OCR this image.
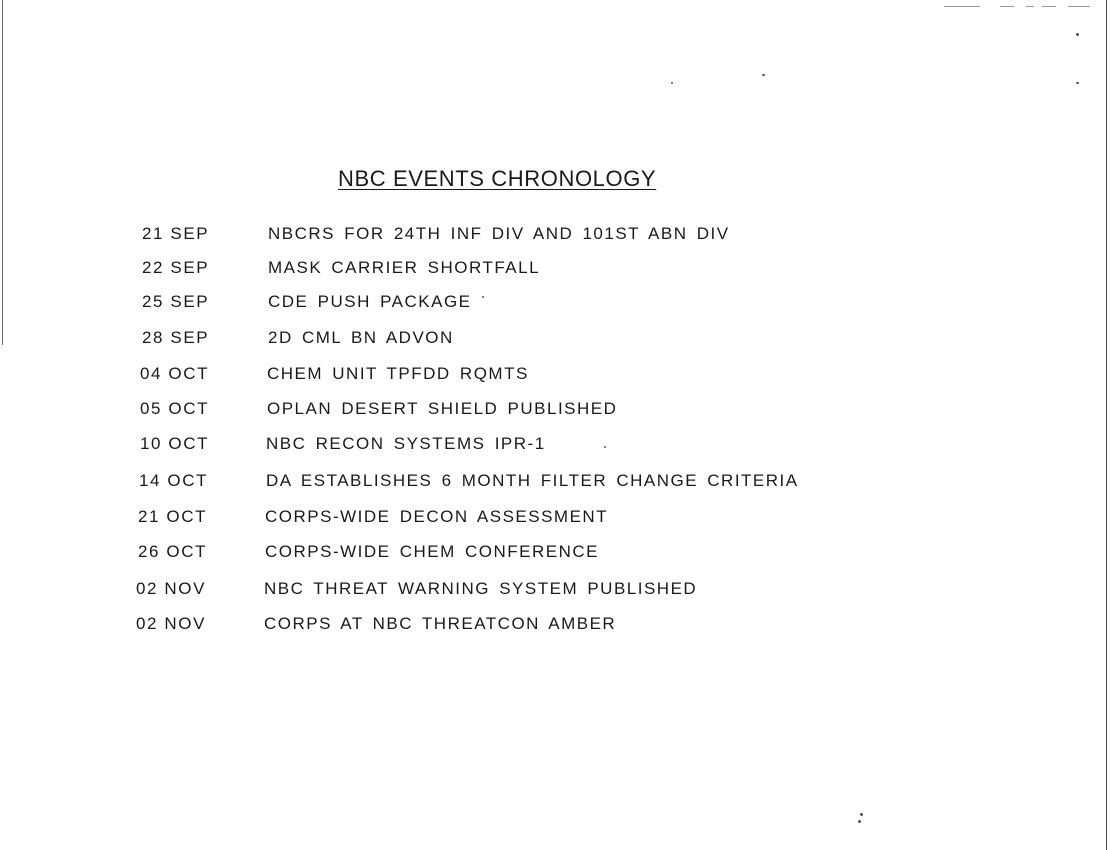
NBC EVENTS CHRONOLOGY
21 SEP	NBCRS FOR 24TH INF DIV AND 101ST ABN DIV
22 SEP	MASK CARRIER SHORTFALL
25 SEP	CDE PUSH PACKAGE
28 SEP	2D CML BN ADVON
04 OCT	CHEM UNIT TPFDD RQMTS
05 OCT	OPLAN DESERT SHIELD PUBLISHED
10 OCT	NBC RECON SYSTEMS IPR-1
14 OCT	DA ESTABLISHES 6 MONTH FILTER CHANGE CRITERIA
21 OCT	CORPS-WIDE DECON ASSESSMENT
26 OCT	CORPS-WIDE CHEM CONFERENCE
02 NOV	NBC THREAT WARNING SYSTEM PUBLISHED
02 NOV	CORPS AT NBC THREATCON AMBER
